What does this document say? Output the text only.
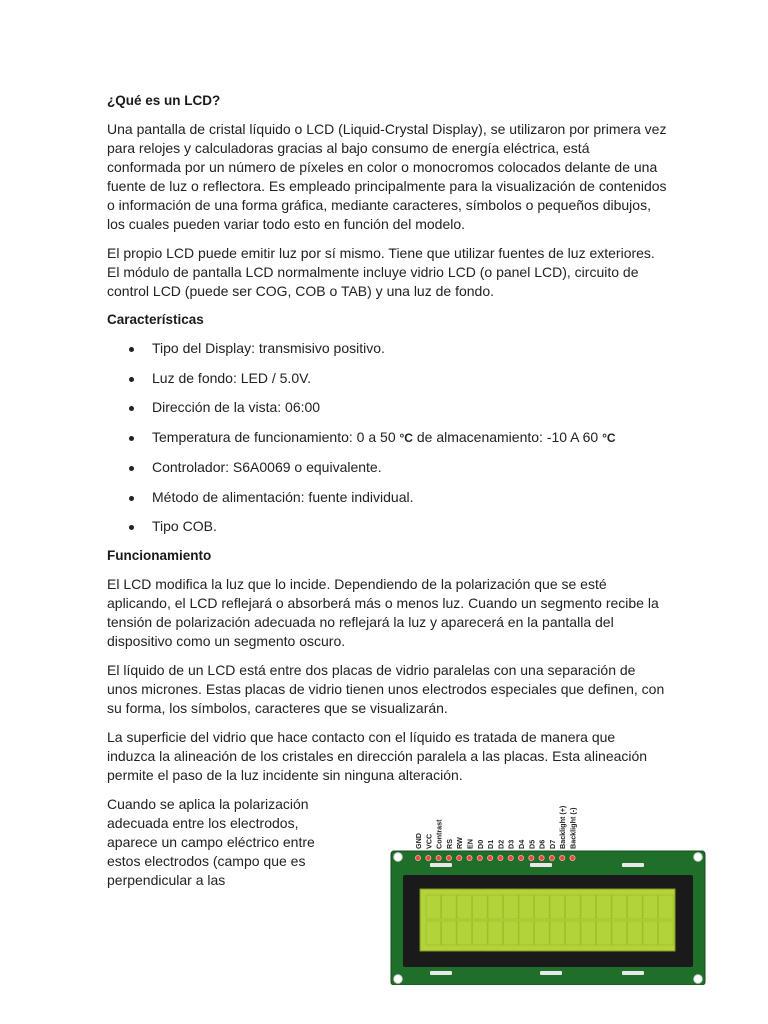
¿Qué es un LCD?

Una pantalla de cristal líquido o LCD (Liquid-Crystal Display), se utilizaron por primera vez para relojes y calculadoras gracias al bajo consumo de energía eléctrica, está conformada por un número de píxeles en color o monocromos colocados delante de una fuente de luz o reflectora. Es empleado principalmente para la visualización de contenidos o información de una forma gráfica, mediante caracteres, símbolos o pequeños dibujos, los cuales pueden variar todo esto en función del modelo.

El propio LCD puede emitir luz por sí mismo. Tiene que utilizar fuentes de luz exteriores. El módulo de pantalla LCD normalmente incluye vidrio LCD (o panel LCD), circuito de control LCD (puede ser COG, COB o TAB) y una luz de fondo.

Características
Tipo del Display: transmisivo positivo.
Luz de fondo: LED / 5.0V.
Dirección de la vista: 06:00
Temperatura de funcionamiento: 0 a 50 °C de almacenamiento: -10 A 60 °C
Controlador: S6A0069 o equivalente.
Método de alimentación: fuente individual.
Tipo COB.
Funcionamiento

El LCD modifica la luz que lo incide. Dependiendo de la polarización que se esté aplicando, el LCD reflejará o absorberá más o menos luz. Cuando un segmento recibe la tensión de polarización adecuada no reflejará la luz y aparecerá en la pantalla del dispositivo como un segmento oscuro.

El líquido de un LCD está entre dos placas de vidrio paralelas con una separación de unos micrones. Estas placas de vidrio tienen unos electrodos especiales que definen, con su forma, los símbolos, caracteres que se visualizarán.

La superficie del vidrio que hace contacto con el líquido es tratada de manera que induzca la alineación de los cristales en dirección paralela a las placas. Esta alineación permite el paso de la luz incidente sin ninguna alteración.

Cuando se aplica la polarización adecuada entre los electrodos, aparece un campo eléctrico entre estos electrodos (campo que es perpendicular a las

GND VCC Contrast RS RW EN D0 D1 D2 D3 D4 D5 D6 D7 Backlight (+) Backlight (-)
